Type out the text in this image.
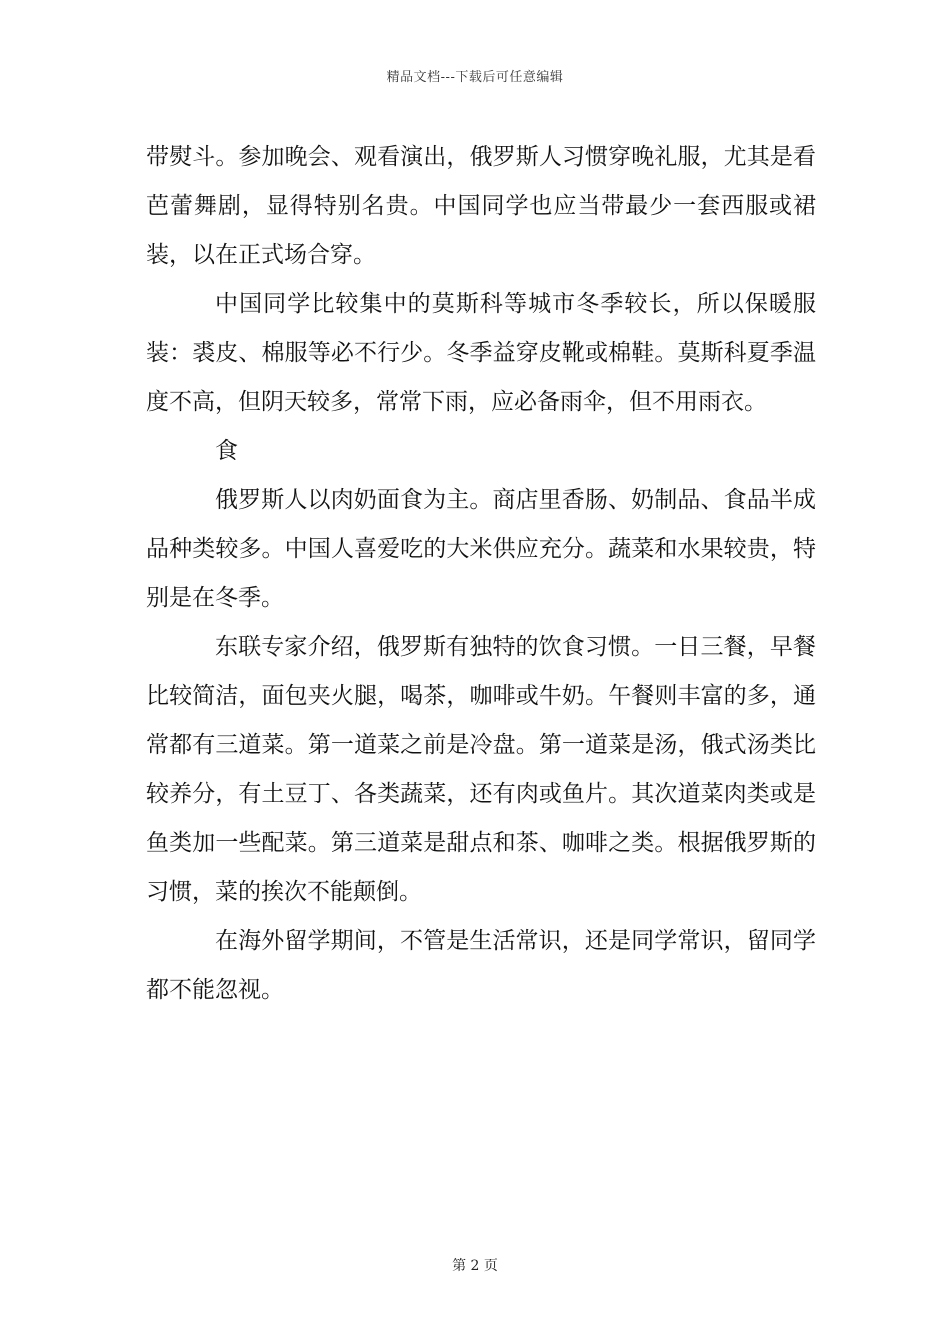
精品文档---下载后可任意编辑

带熨斗。参加晚会、观看演出，俄罗斯人习惯穿晚礼服，尤其是看芭蕾舞剧，显得特别名贵。中国同学也应当带最少一套西服或裙装，以在正式场合穿。

中国同学比较集中的莫斯科等城市冬季较长，所以保暖服装：裘皮、棉服等必不行少。冬季益穿皮靴或棉鞋。莫斯科夏季温度不高，但阴天较多，常常下雨，应必备雨伞，但不用雨衣。

食

俄罗斯人以肉奶面食为主。商店里香肠、奶制品、食品半成品种类较多。中国人喜爱吃的大米供应充分。蔬菜和水果较贵，特别是在冬季。

东联专家介绍，俄罗斯有独特的饮食习惯。一日三餐，早餐比较简洁，面包夹火腿，喝茶，咖啡或牛奶。午餐则丰富的多，通常都有三道菜。第一道菜之前是冷盘。第一道菜是汤，俄式汤类比较养分，有土豆丁、各类蔬菜，还有肉或鱼片。其次道菜肉类或是鱼类加一些配菜。第三道菜是甜点和茶、咖啡之类。根据俄罗斯的习惯，菜的挨次不能颠倒。

在海外留学期间，不管是生活常识，还是同学常识，留同学都不能忽视。

第 2 页
